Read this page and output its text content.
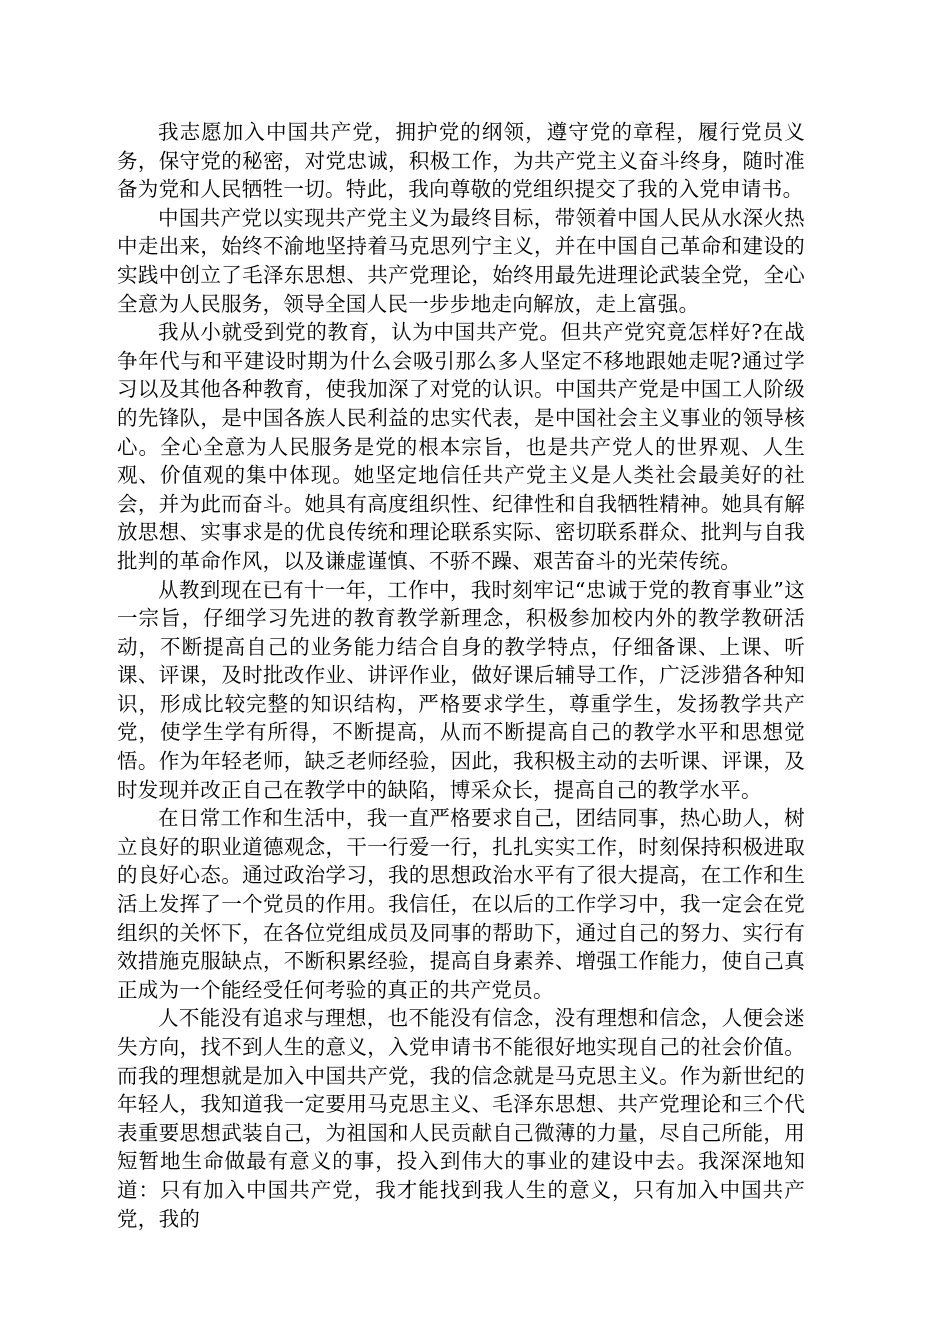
我志愿加入中国共产党，拥护党的纲领，遵守党的章程，履行党员义务，保守党的秘密，对党忠诚，积极工作，为共产党主义奋斗终身，随时准备为党和人民牺牲一切。特此，我向尊敬的党组织提交了我的入党申请书。

中国共产党以实现共产党主义为最终目标，带领着中国人民从水深火热中走出来，始终不渝地坚持着马克思列宁主义，并在中国自己革命和建设的实践中创立了毛泽东思想、共产党理论，始终用最先进理论武装全党，全心全意为人民服务，领导全国人民一步步地走向解放，走上富强。

我从小就受到党的教育，认为中国共产党。但共产党究竟怎样好?在战争年代与和平建设时期为什么会吸引那么多人坚定不移地跟她走呢?通过学习以及其他各种教育，使我加深了对党的认识。中国共产党是中国工人阶级的先锋队，是中国各族人民利益的忠实代表，是中国社会主义事业的领导核心。全心全意为人民服务是党的根本宗旨，也是共产党人的世界观、人生观、价值观的集中体现。她坚定地信任共产党主义是人类社会最美好的社会，并为此而奋斗。她具有高度组织性、纪律性和自我牺牲精神。她具有解放思想、实事求是的优良传统和理论联系实际、密切联系群众、批判与自我批判的革命作风，以及谦虚谨慎、不骄不躁、艰苦奋斗的光荣传统。

从教到现在已有十一年，工作中，我时刻牢记“忠诚于党的教育事业”这一宗旨，仔细学习先进的教育教学新理念，积极参加校内外的教学教研活动，不断提高自己的业务能力结合自身的教学特点，仔细备课、上课、听课、评课，及时批改作业、讲评作业，做好课后辅导工作，广泛涉猎各种知识，形成比较完整的知识结构，严格要求学生，尊重学生，发扬教学共产党，使学生学有所得，不断提高，从而不断提高自己的教学水平和思想觉悟。作为年轻老师，缺乏老师经验，因此，我积极主动的去听课、评课，及时发现并改正自己在教学中的缺陷，博采众长，提高自己的教学水平。

在日常工作和生活中，我一直严格要求自己，团结同事，热心助人，树立良好的职业道德观念，干一行爱一行，扎扎实实工作，时刻保持积极进取的良好心态。通过政治学习，我的思想政治水平有了很大提高，在工作和生活上发挥了一个党员的作用。我信任，在以后的工作学习中，我一定会在党组织的关怀下，在各位党组成员及同事的帮助下，通过自己的努力、实行有效措施克服缺点，不断积累经验，提高自身素养、增强工作能力，使自己真正成为一个能经受任何考验的真正的共产党员。

人不能没有追求与理想，也不能没有信念，没有理想和信念，人便会迷失方向，找不到人生的意义，入党申请书不能很好地实现自己的社会价值。而我的理想就是加入中国共产党，我的信念就是马克思主义。作为新世纪的年轻人，我知道我一定要用马克思主义、毛泽东思想、共产党理论和三个代表重要思想武装自己，为祖国和人民贡献自己微薄的力量，尽自己所能，用短暂地生命做最有意义的事，投入到伟大的事业的建设中去。我深深地知道：只有加入中国共产党，我才能找到我人生的意义，只有加入中国共产党，我的
